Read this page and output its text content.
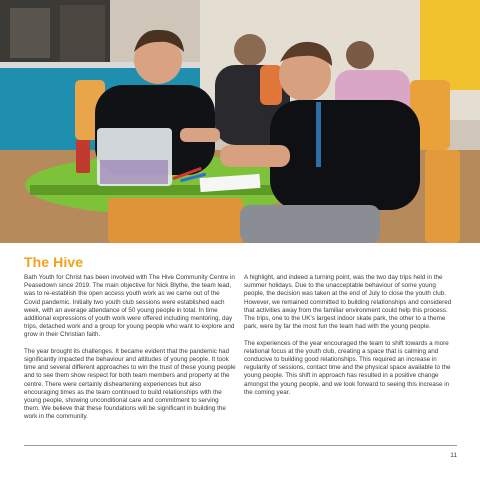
The Hive

Bath Youth for Christ has been involved with The Hive Community Centre in Peasedown since 2019. The main objective for Nick Blythe, the team lead, was to re-establish the open access youth work as we came out of the Covid pandemic. Initially two youth club sessions were established each week, with an average attendance of 50 young people in total. In time additional expressions of youth work were offered including mentoring, day trips, detached work and a group for young people who want to explore and grow in their Christian faith.

The year brought its challenges. It became evident that the pandemic had significantly impacted the behaviour and attitudes of young people. It took time and several different approaches to win the trust of these young people and to see them show respect for both team members and property at the centre. There were certainly disheartening experiences but also encouraging times as the team continued to build relationships with the young people, showing unconditional care and commitment to serving them. We believe that these foundations will be significant in building the work in the community.

A highlight, and indeed a turning point, was the two day trips held in the summer holidays. Due to the unacceptable behaviour of some young people, the decision was taken at the end of July to close the youth club. However, we remained committed to building relationships and considered that activities away from the familiar environment could help this process. The trips, one to the UK's largest indoor skate park, the other to a theme park, were by far the most fun the team had with the young people.

The experiences of the year encouraged the team to shift towards a more relational focus at the youth club, creating a space that is calming and conducive to building good relationships. This required an increase in regularity of sessions, contact time and the physical space available to the young people. This shift in approach has resulted in a positive change amongst the young people, and we look forward to seeing this increase in the coming year.

11
